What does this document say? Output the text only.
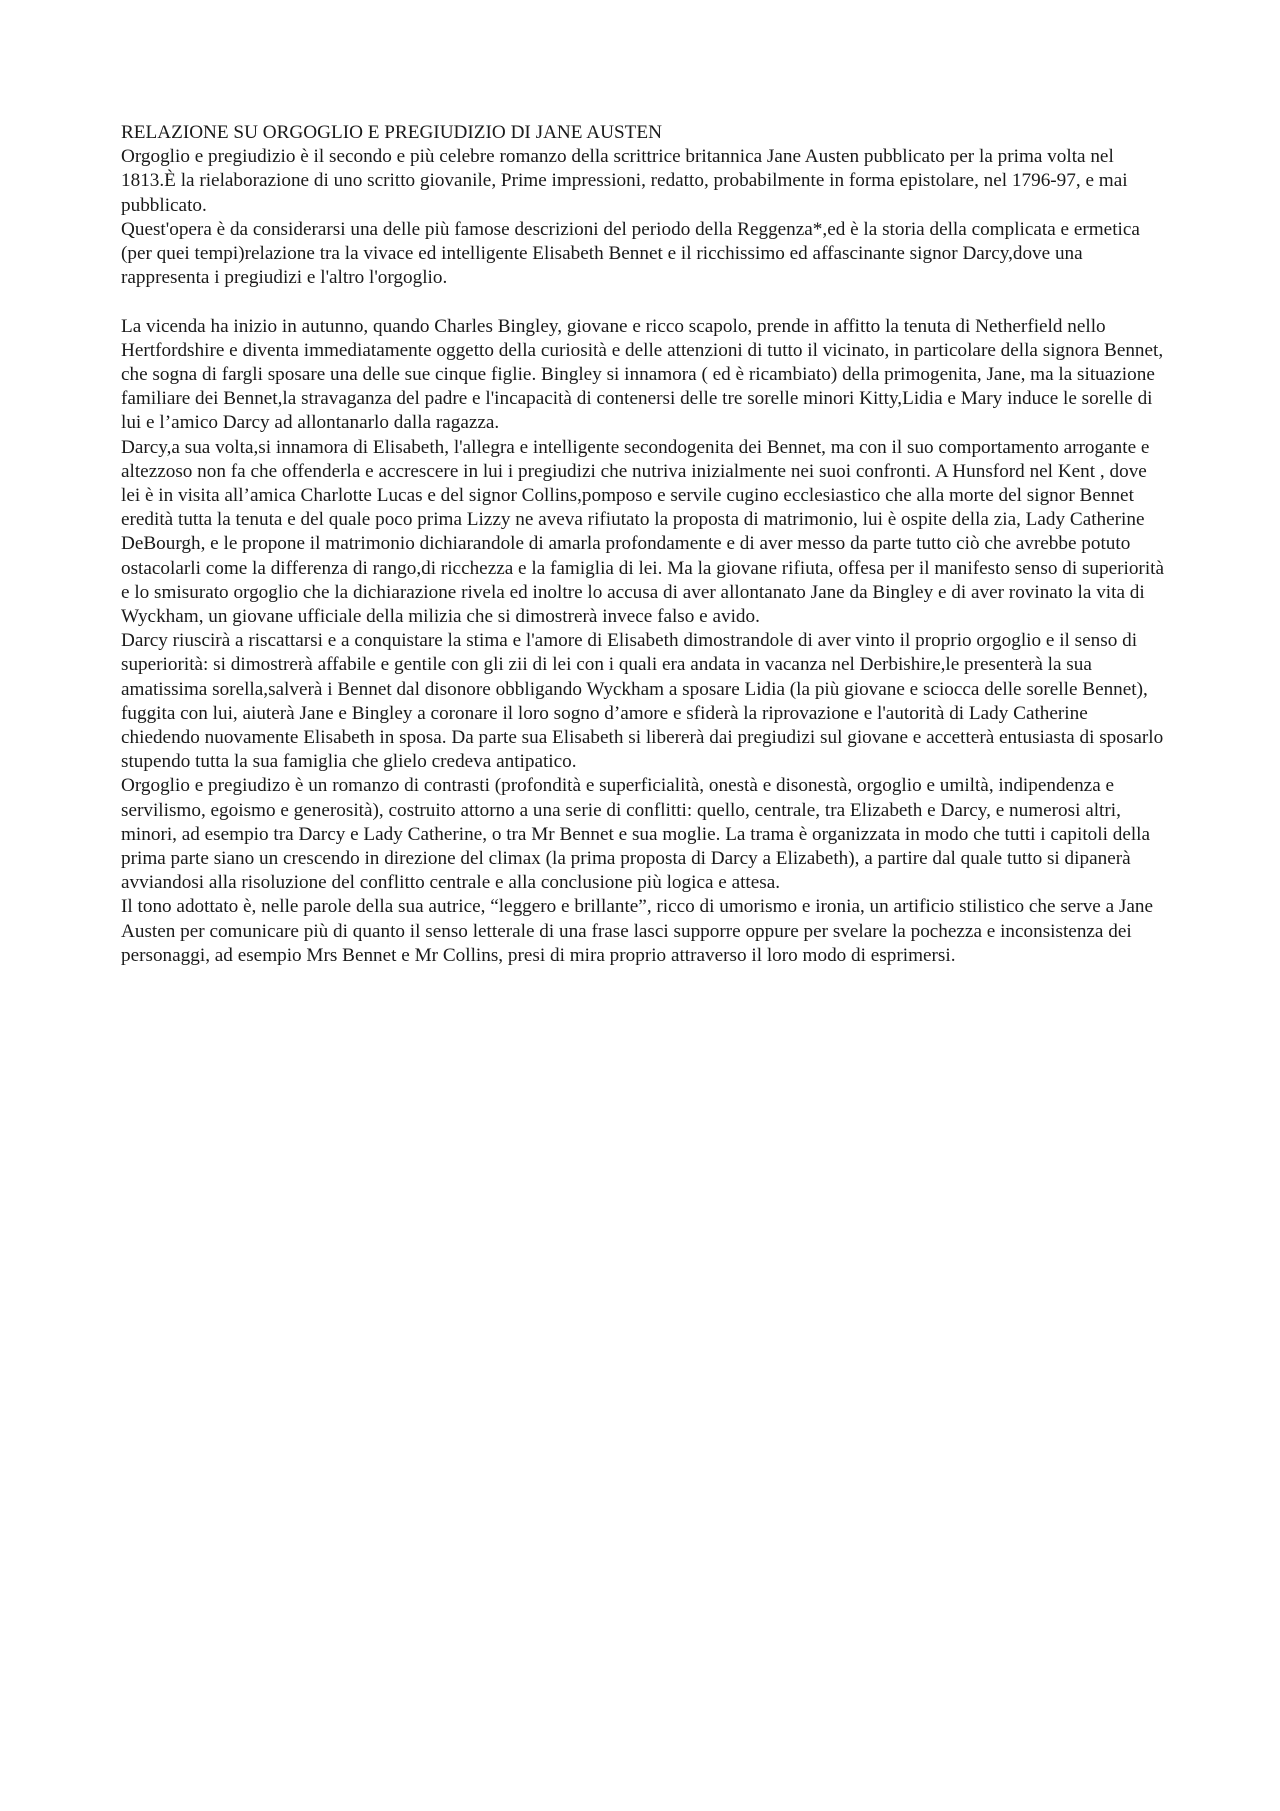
RELAZIONE SU ORGOGLIO E PREGIUDIZIO DI JANE AUSTEN

Orgoglio e pregiudizio è il secondo e più celebre romanzo della scrittrice britannica Jane Austen pubblicato per la prima volta nel 1813.È la rielaborazione di uno scritto giovanile, Prime impressioni, redatto, probabilmente in forma epistolare, nel 1796-97, e mai pubblicato.

Quest'opera è da considerarsi una delle più famose descrizioni del periodo della Reggenza*,ed è la storia della complicata e ermetica (per quei tempi)relazione tra la vivace ed intelligente Elisabeth Bennet e il ricchissimo ed affascinante signor Darcy,dove una rappresenta i pregiudizi e l'altro l'orgoglio.

La vicenda ha inizio in autunno, quando Charles Bingley, giovane e ricco scapolo, prende in affitto la tenuta di Netherfield nello Hertfordshire e diventa immediatamente oggetto della curiosità e delle attenzioni di tutto il vicinato, in particolare della signora Bennet, che sogna di fargli sposare una delle sue cinque figlie. Bingley si innamora ( ed è ricambiato) della primogenita, Jane, ma la situazione familiare dei Bennet,la stravaganza del padre e l'incapacità di contenersi delle tre sorelle minori Kitty,Lidia e Mary induce le sorelle di lui e l’amico Darcy ad allontanarlo dalla ragazza.

Darcy,a sua volta,si innamora di Elisabeth, l'allegra e intelligente secondogenita dei Bennet, ma con il suo comportamento arrogante e altezzoso non fa che offenderla e accrescere in lui i pregiudizi che nutriva inizialmente nei suoi confronti. A Hunsford nel Kent , dove lei è in visita all’amica Charlotte Lucas e del signor Collins,pomposo e servile cugino ecclesiastico che alla morte del signor Bennet eredità tutta la tenuta e del quale poco prima Lizzy ne aveva rifiutato la proposta di matrimonio, lui è ospite della zia, Lady Catherine DeBourgh, e le propone il matrimonio dichiarandole di amarla profondamente e di aver messo da parte tutto ciò che avrebbe potuto ostacolarli come la differenza di rango,di ricchezza e la famiglia di lei. Ma la giovane rifiuta, offesa per il manifesto senso di superiorità e lo smisurato orgoglio che la dichiarazione rivela ed inoltre lo accusa di aver allontanato Jane da Bingley e di aver rovinato la vita di Wyckham, un giovane ufficiale della milizia che si dimostrerà invece falso e avido.

Darcy riuscirà a riscattarsi e a conquistare la stima e l'amore di Elisabeth dimostrandole di aver vinto il proprio orgoglio e il senso di superiorità: si dimostrerà affabile e gentile con gli zii di lei con i quali era andata in vacanza nel Derbishire,le presenterà la sua amatissima sorella,salverà i Bennet dal disonore obbligando Wyckham a sposare Lidia (la più giovane e sciocca delle sorelle Bennet), fuggita con lui, aiuterà Jane e Bingley a coronare il loro sogno d’amore e sfiderà la riprovazione e l'autorità di Lady Catherine chiedendo nuovamente Elisabeth in sposa. Da parte sua Elisabeth si libererà dai pregiudizi sul giovane e accetterà entusiasta di sposarlo stupendo tutta la sua famiglia che glielo credeva antipatico.

Orgoglio e pregiudizo è un romanzo di contrasti (profondità e superficialità, onestà e disonestà, orgoglio e umiltà, indipendenza e servilismo, egoismo e generosità), costruito attorno a una serie di conflitti: quello, centrale, tra Elizabeth e Darcy, e numerosi altri, minori, ad esempio tra Darcy e Lady Catherine, o tra Mr Bennet e sua moglie. La trama è organizzata in modo che tutti i capitoli della prima parte siano un crescendo in direzione del climax (la prima proposta di Darcy a Elizabeth), a partire dal quale tutto si dipanerà avviandosi alla risoluzione del conflitto centrale e alla conclusione più logica e attesa.

Il tono adottato è, nelle parole della sua autrice, “leggero e brillante”, ricco di umorismo e ironia, un artificio stilistico che serve a Jane Austen per comunicare più di quanto il senso letterale di una frase lasci supporre oppure per svelare la pochezza e inconsistenza dei personaggi, ad esempio Mrs Bennet e Mr Collins, presi di mira proprio attraverso il loro modo di esprimersi.
